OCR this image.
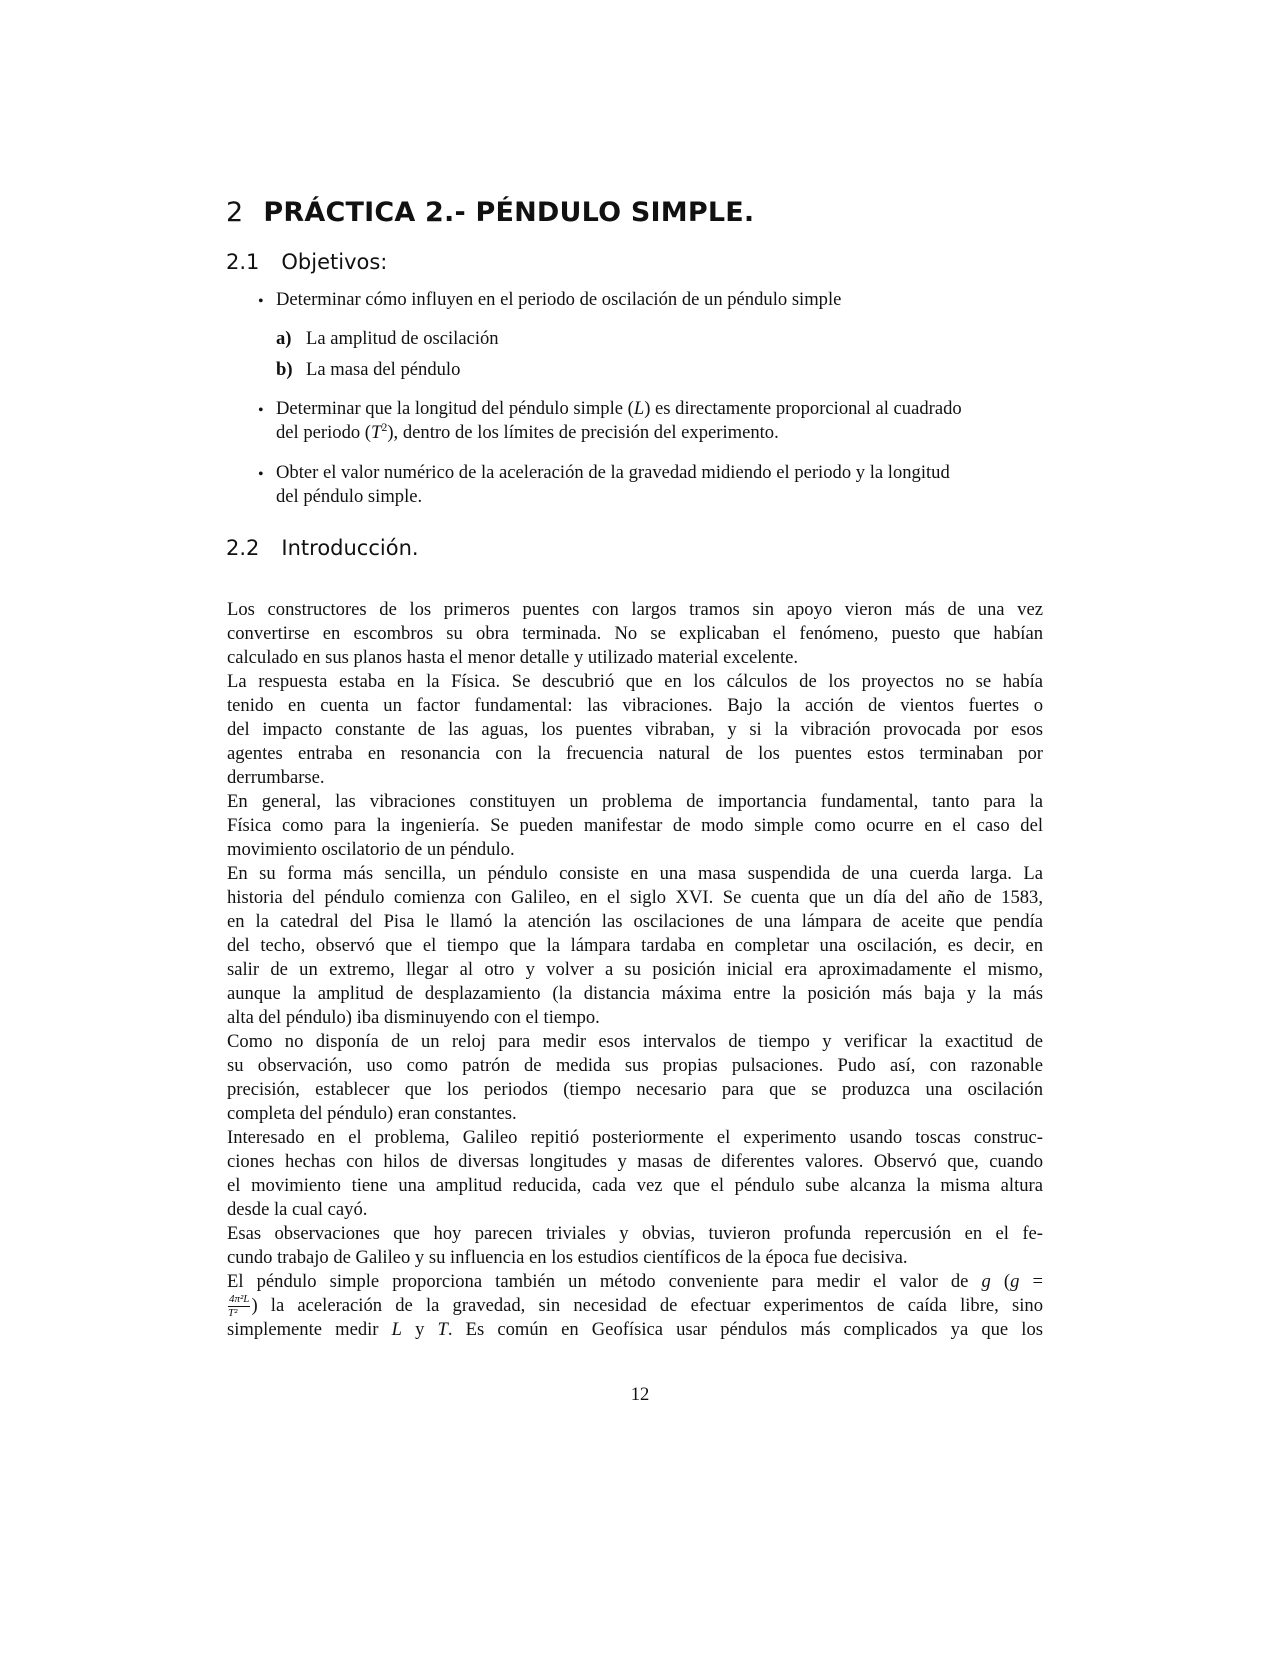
2 PRÁCTICA 2.- PÉNDULO SIMPLE.
2.1 Objetivos:
• Determinar cómo influyen en el periodo de oscilación de un péndulo simple
a) La amplitud de oscilación
b) La masa del péndulo
• Determinar que la longitud del péndulo simple (L) es directamente proporcional al cuadrado
del periodo $(T^2)$, dentro de los límites de precisión del experimento.
• Obter el valor numérico de la aceleración de la gravedad midiendo el periodo y la longitud
del péndulo simple.
2.2 Introducción.
Los constructores de los primeros puentes con largos tramos sin apoyo vieron más de una vez
convertirse en escombros su obra terminada. No se explicaban el fenómeno, puesto que habían
calculado en sus planos hasta el menor detalle y utilizado material excelente.
La respuesta estaba en la Física. Se descubrió que en los cálculos de los proyectos no se había
tenido en cuenta un factor fundamental: las vibraciones. Bajo la acción de vientos fuertes o
del impacto constante de las aguas, los puentes vibraban, y si la vibración provocada por esos
agentes entraba en resonancia con la frecuencia natural de los puentes estos terminaban por
derrumbarse.
En general, las vibraciones constituyen un problema de importancia fundamental, tanto para la
Física como para la ingeniería. Se pueden manifestar de modo simple como ocurre en el caso del
movimiento oscilatorio de un péndulo.
En su forma más sencilla, un péndulo consiste en una masa suspendida de una cuerda larga. La
historia del péndulo comienza con Galileo, en el siglo XVI. Se cuenta que un día del año de 1583,
en la catedral del Pisa le llamó la atención las oscilaciones de una lámpara de aceite que pendía
del techo, observó que el tiempo que la lámpara tardaba en completar una oscilación, es decir, en
salir de un extremo, llegar al otro y volver a su posición inicial era aproximadamente el mismo,
aunque la amplitud de desplazamiento (la distancia máxima entre la posición más baja y la más
alta del péndulo) iba disminuyendo con el tiempo.
Como no disponía de un reloj para medir esos intervalos de tiempo y verificar la exactitud de
su observación, uso como patrón de medida sus propias pulsaciones. Pudo así, con razonable
precisión, establecer que los periodos (tiempo necesario para que se produzca una oscilación
completa del péndulo) eran constantes.
Interesado en el problema, Galileo repitió posteriormente el experimento usando toscas construc-
ciones hechas con hilos de diversas longitudes y masas de diferentes valores. Observó que, cuando
el movimiento tiene una amplitud reducida, cada vez que el péndulo sube alcanza la misma altura
desde la cual cayó.
Esas observaciones que hoy parecen triviales y obvias, tuvieron profunda repercusión en el fe-
cundo trabajo de Galileo y su influencia en los estudios científicos de la época fue decisiva.
El péndulo simple proporciona también un método conveniente para medir el valor de g (g =
$\frac{\text{4π²L}}{\text{T²}}$ ) la aceleración de la gravedad, sin necesidad de efectuar experimentos de caída libre, sino
simplemente medir L y T. Es común en Geofísica usar péndulos más complicados ya que los
12
